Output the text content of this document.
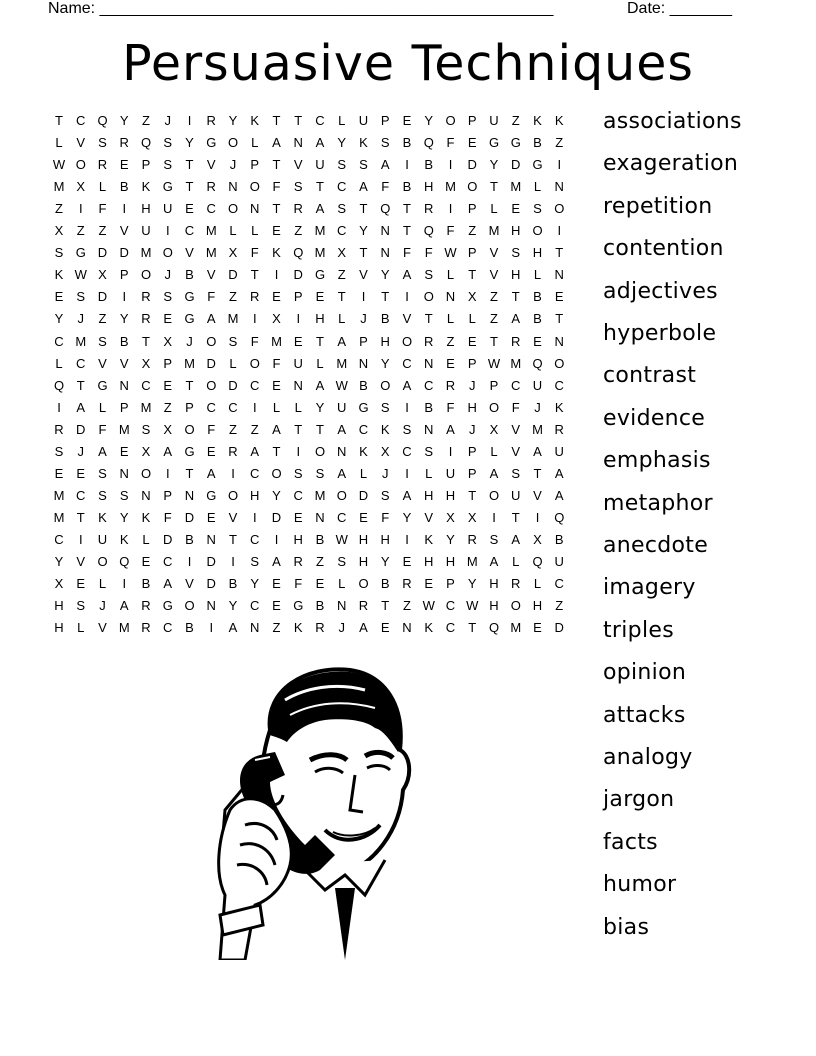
Name: ___________________________________________________	Date: _______
Persuasive Techniques
T	C Q Y	Z	J	I	R Y	K	T	T	C	L	U P	E	Y O P U	Z	K	K
L	V	S R Q S	Y G O	L	A N A	Y	K	S	B Q F	E G G B	Z
W O R E	P	S	T	V	J	P	T	V U S	S	A	I	B	I	D Y D G	I
M X	L	B	K G T	R N O F	S	T	C A	F	B H M O T M L	N
Z	I	F	I	H U E C O N	T	R A	S	T Q T	R	I	P	L	E	S O
X	Z	Z	V U	I	C M L	L	E	Z M C Y N	T Q F	Z M H O	I
S G D D M O V M X	F	K Q M X	T	N	F	F W P	V	S H	T
K W X	P O	J	B	V D	T	I	D G Z	V	Y	A	S	L	T	V H	L	N
E	S D	I	R S G F	Z	R E	P	E	T	I	T	I	O N X	Z	T	B	E
Y	J	Z	Y R E G A M	I	X	I	H	L	J	B	V	T	L	L	Z	A	B	T
C M S	B	T	X	J	O S	F M E	T	A	P H O R	Z	E	T	R E N
L	C V	V	X	P M D	L	O F	U	L M N Y C N E	P W M Q O
Q T G N C E	T O D C E N A W B O A C R	J	P C U C
I	A	L	P M Z	P C C	I	L	L	Y U G S	I	B	F	H O F	J	K
R D	F M S	X O F	Z	Z	A	T	T	A C K	S N A	J	X	V M R
S	J	A	E	X	A G E R A	T	I	O N K	X C S	I	P	L	V	A U
E	E	S N O	I	T	A	I	C O S	S	A	L	J	I	L	U P	A	S	T	A
M C S	S N P N G O H Y C M O D S	A H H	T O U V	A
M T	K	Y	K	F	D E	V	I	D E N C E	F	Y	V	X	X	I	T	I	Q
C	I	U K	L	D B N	T	C	I	H B W H H	I	K	Y R S	A	X	B
Y	V O Q E C	I	D	I	S	A R	Z	S H Y	E H H M A	L	Q U
X	E	L	I	B	A	V D B	Y	E	F	E	L	O B R E	P	Y H R	L	C
H S	J	A R G O N Y C E G B N R	T	Z W C W H O H	Z
H	L	V M R C B	I	A N	Z	K R	J	A	E N K C	T Q M E D
associations
exageration
repetition
contention
adjectives
hyperbole
contrast
evidence
emphasis
metaphor
anecdote
imagery
triples
opinion
attacks
analogy
jargon
facts
humor
bias
